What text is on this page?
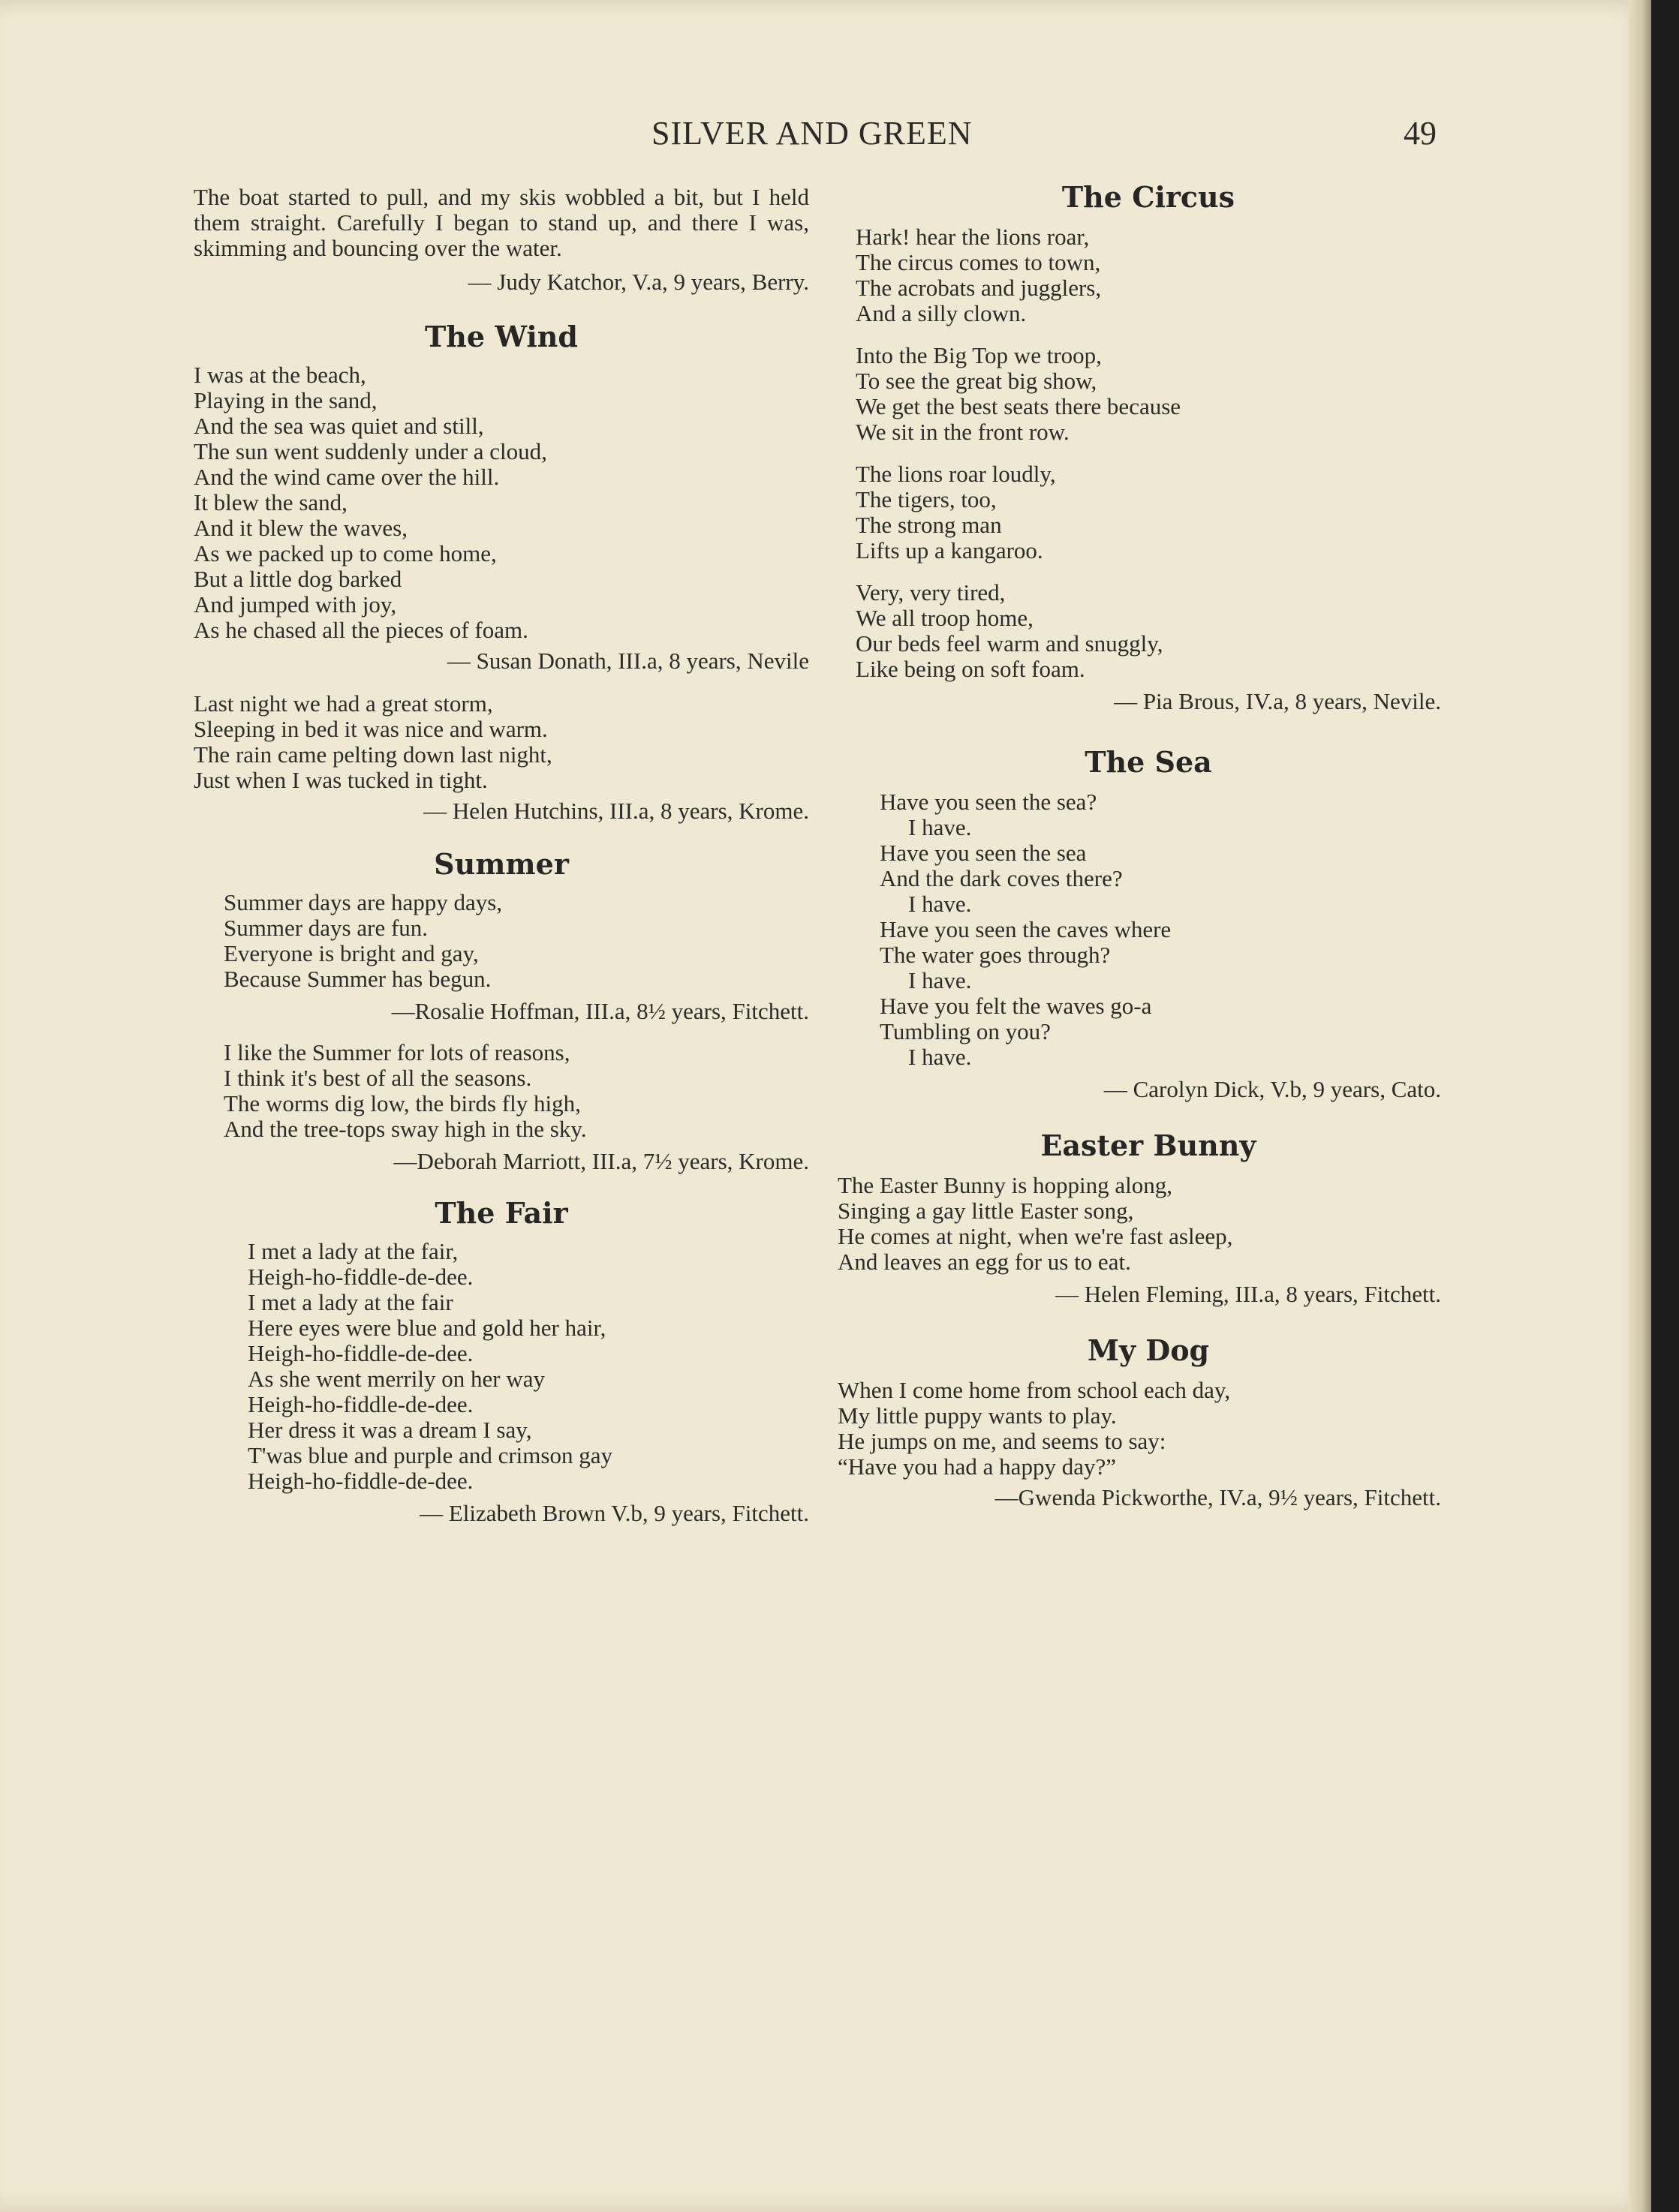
SILVER AND GREEN	49

The boat started to pull, and my skis wobbled a bit, but I held them straight. Carefully I began to stand up, and there I was, skimming and bouncing over the water.

— Judy Katchor, V.a, 9 years, Berry.

The Wind
I was at the beach,
Playing in the sand,
And the sea was quiet and still,
The sun went suddenly under a cloud,
And the wind came over the hill.
It blew the sand,
And it blew the waves,
As we packed up to come home,
But a little dog barked
And jumped with joy,
As he chased all the pieces of foam.

— Susan Donath, III.a, 8 years, Nevile

Last night we had a great storm,
Sleeping in bed it was nice and warm.
The rain came pelting down last night,
Just when I was tucked in tight.

— Helen Hutchins, III.a, 8 years, Krome.

Summer
Summer days are happy days,
Summer days are fun.
Everyone is bright and gay,
Because Summer has begun.

—Rosalie Hoffman, III.a, 8½ years, Fitchett.

I like the Summer for lots of reasons,
I think it's best of all the seasons.
The worms dig low, the birds fly high,
And the tree-tops sway high in the sky.

—Deborah Marriott, III.a, 7½ years, Krome.

The Fair
I met a lady at the fair,
Heigh-ho-fiddle-de-dee.
I met a lady at the fair
Here eyes were blue and gold her hair,
Heigh-ho-fiddle-de-dee.
As she went merrily on her way
Heigh-ho-fiddle-de-dee.
Her dress it was a dream I say,
T'was blue and purple and crimson gay
Heigh-ho-fiddle-de-dee.

— Elizabeth Brown V.b, 9 years, Fitchett.

The Circus
Hark! hear the lions roar,
The circus comes to town,
The acrobats and jugglers,
And a silly clown.
Into the Big Top we troop,
To see the great big show,
We get the best seats there because
We sit in the front row.
The lions roar loudly,
The tigers, too,
The strong man
Lifts up a kangaroo.
Very, very tired,
We all troop home,
Our beds feel warm and snuggly,
Like being on soft foam.

— Pia Brous, IV.a, 8 years, Nevile.

The Sea
Have you seen the sea?
I have.
Have you seen the sea
And the dark coves there?
I have.
Have you seen the caves where
The water goes through?
I have.
Have you felt the waves go-a
Tumbling on you?
I have.

— Carolyn Dick, V.b, 9 years, Cato.

Easter Bunny
The Easter Bunny is hopping along,
Singing a gay little Easter song,
He comes at night, when we're fast asleep,
And leaves an egg for us to eat.

— Helen Fleming, III.a, 8 years, Fitchett.

My Dog
When I come home from school each day,
My little puppy wants to play.
He jumps on me, and seems to say:
“Have you had a happy day?”

—Gwenda Pickworthe, IV.a, 9½ years, Fitchett.
